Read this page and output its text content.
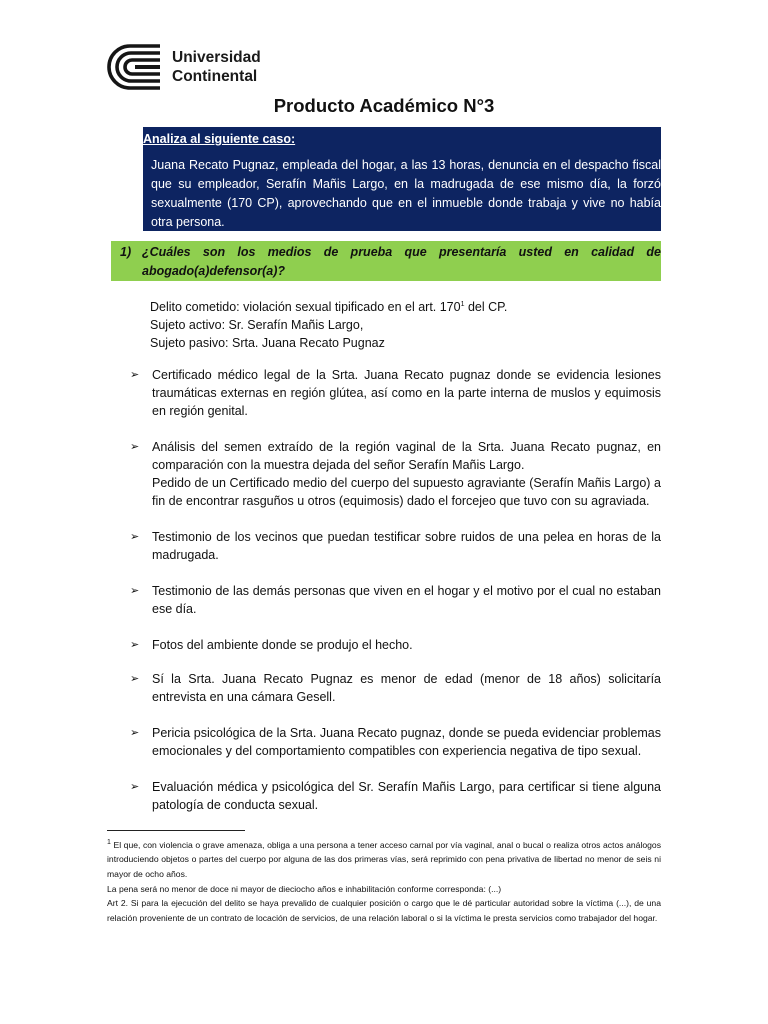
Universidad
Continental
Producto Académico N°3
Analiza al siguiente caso:
Juana Recato Pugnaz, empleada del hogar, a las 13 horas, denuncia en el despacho fiscal que su empleador, Serafín Mañis Largo, en la madrugada de ese mismo día, la forzó sexualmente (170 CP), aprovechando que en el inmueble donde trabaja y vive no había otra persona.
1) ¿Cuáles son los medios de prueba que presentaría usted en calidad de abogado(a)defensor(a)?
Delito cometido: violación sexual tipificado en el art. $170^1$ del CP.
Sujeto activo: Sr. Serafín Mañis Largo,
Sujeto pasivo: Srta. Juana Recato Pugnaz
➢ Certificado médico legal de la Srta. Juana Recato pugnaz donde se evidencia lesiones traumáticas externas en región glútea, así como en la parte interna de muslos y equimosis en región genital.
➢ Análisis del semen extraído de la región vaginal de la Srta. Juana Recato pugnaz, en comparación con la muestra dejada del señor Serafín Mañis Largo.
Pedido de un Certificado medio del cuerpo del supuesto agraviante (Serafín Mañis Largo) a fin de encontrar rasguños u otros (equimosis) dado el forcejeo que tuvo con su agraviada.
➢ Testimonio de los vecinos que puedan testificar sobre ruidos de una pelea en horas de la madrugada.
➢ Testimonio de las demás personas que viven en el hogar y el motivo por el cual no estaban ese día.
➢ Fotos del ambiente donde se produjo el hecho.
➢ Sí la Srta. Juana Recato Pugnaz es menor de edad (menor de 18 años) solicitaría entrevista en una cámara Gesell.
➢ Pericia psicológica de la Srta. Juana Recato pugnaz, donde se pueda evidenciar problemas emocionales y del comportamiento compatibles con experiencia negativa de tipo sexual.
➢ Evaluación médica y psicológica del Sr. Serafín Mañis Largo, para certificar si tiene alguna patología de conducta sexual.
$^1$ El que, con violencia o grave amenaza, obliga a una persona a tener acceso carnal por vía vaginal, anal o bucal o realiza otros actos análogos introduciendo objetos o partes del cuerpo por alguna de las dos primeras vías, será reprimido con pena privativa de libertad no menor de seis ni mayor de ocho años.
La pena será no menor de doce ni mayor de dieciocho años e inhabilitación conforme corresponda: (...)
Art 2. Si para la ejecución del delito se haya prevalido de cualquier posición o cargo que le dé particular autoridad sobre la víctima (...), de una relación proveniente de un contrato de locación de servicios, de una relación laboral o si la víctima le presta servicios como trabajador del hogar.
